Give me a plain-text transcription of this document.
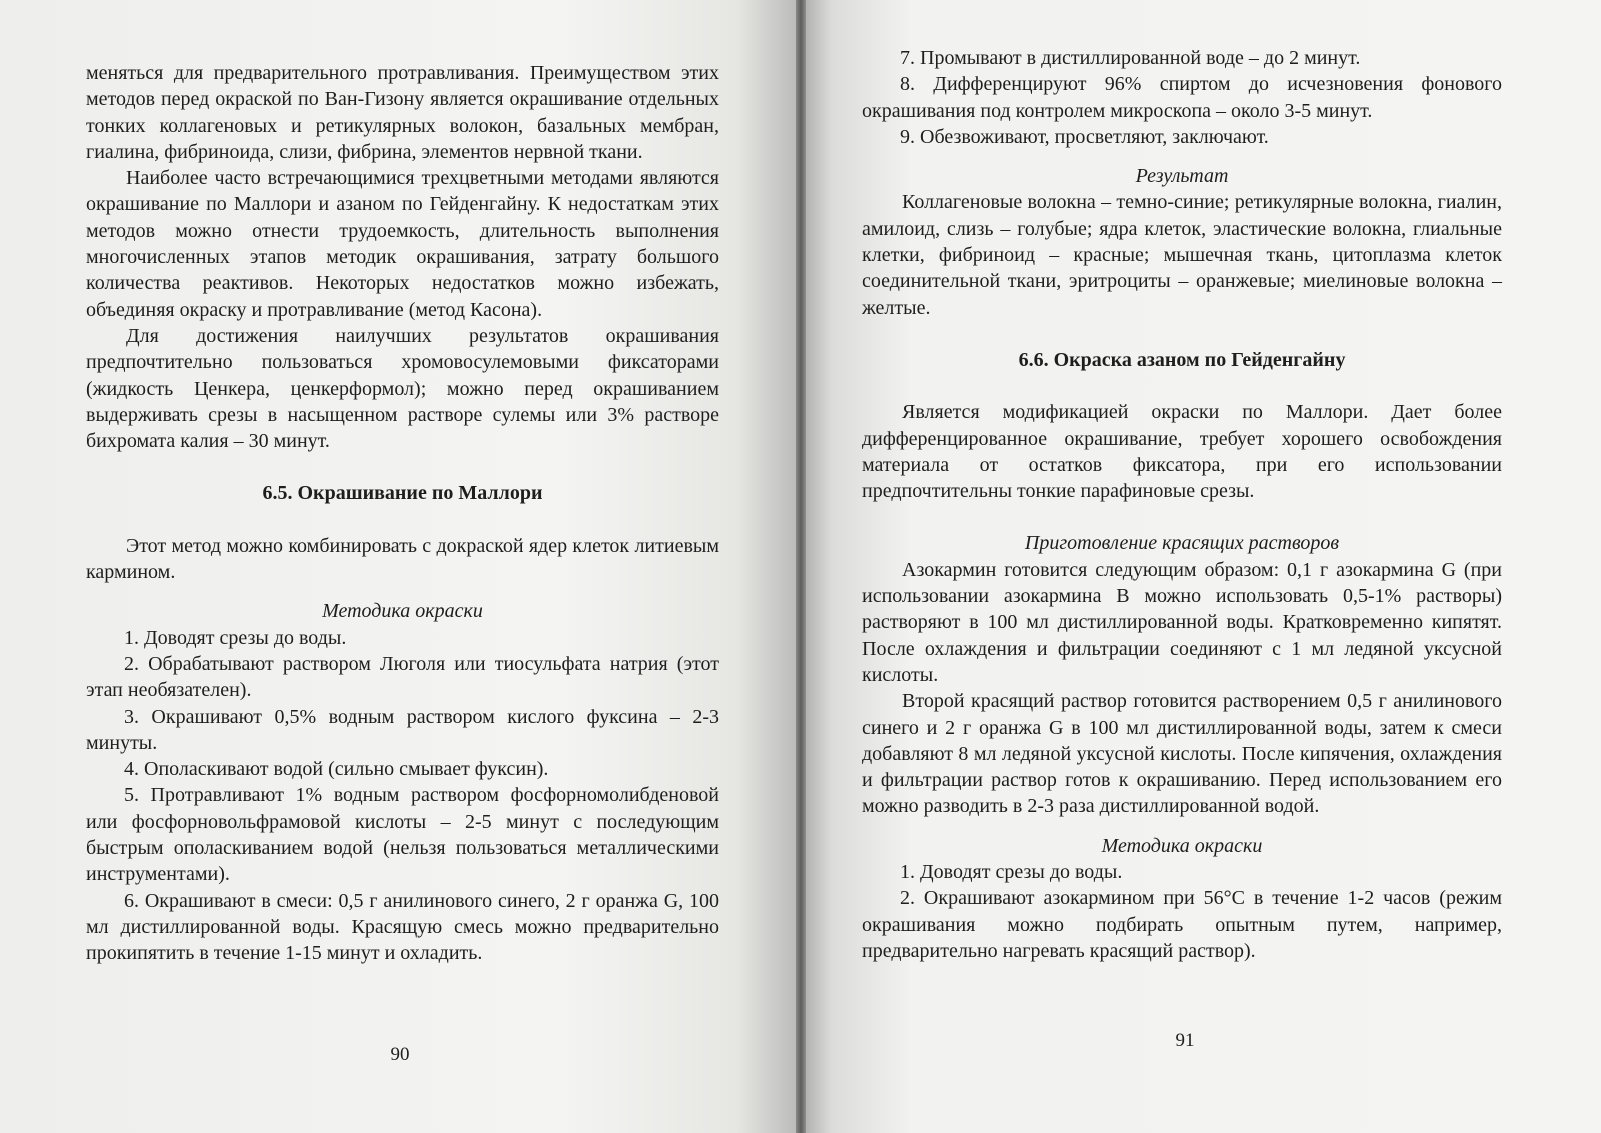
меняться для предварительного протравливания. Преимуществом этих методов перед окраской по Ван-Гизону является окрашивание отдельных тонких коллагеновых и ретикулярных волокон, базальных мембран, гиалина, фибриноида, слизи, фибрина, элементов нервной ткани.

Наиболее часто встречающимися трехцветными методами являются окрашивание по Маллори и азаном по Гейденгайну. К недостаткам этих методов можно отнести трудоемкость, длительность выполнения многочисленных этапов методик окрашивания, затрату большого количества реактивов. Некоторых недостатков можно избежать, объединяя окраску и протравливание (метод Касона).

Для достижения наилучших результатов окрашивания предпочтительно пользоваться хромовосулемовыми фиксаторами (жидкость Ценкера, ценкерформол); можно перед окрашиванием выдерживать срезы в насыщенном растворе сулемы или 3% растворе бихромата калия – 30 минут.

6.5. Окрашивание по Маллори

Этот метод можно комбинировать с докраской ядер клеток литиевым кармином.

Методика окраски

1. Доводят срезы до воды.

2. Обрабатывают раствором Люголя или тиосульфата натрия (этот этап необязателен).

3. Окрашивают 0,5% водным раствором кислого фуксина – 2-3 минуты.

4. Ополаскивают водой (сильно смывает фуксин).

5. Протравливают 1% водным раствором фосфорномолибденовой или фосфорновольфрамовой кислоты – 2-5 минут с последующим быстрым ополаскиванием водой (нельзя пользоваться металлическими инструментами).

6. Окрашивают в смеси: 0,5 г анилинового синего, 2 г оранжа G, 100 мл дистиллированной воды. Красящую смесь можно предварительно прокипятить в течение 1-15 минут и охладить.

90

7. Промывают в дистиллированной воде – до 2 минут.

8. Дифференцируют 96% спиртом до исчезновения фонового окрашивания под контролем микроскопа – около 3-5 минут.

9. Обезвоживают, просветляют, заключают.

Результат

Коллагеновые волокна – темно-синие; ретикулярные волокна, гиалин, амилоид, слизь – голубые; ядра клеток, эластические волокна, глиальные клетки, фибриноид – красные; мышечная ткань, цитоплазма клеток соединительной ткани, эритроциты – оранжевые; миелиновые волокна – желтые.

6.6. Окраска азаном по Гейденгайну

Является модификацией окраски по Маллори. Дает более дифференцированное окрашивание, требует хорошего освобождения материала от остатков фиксатора, при его использовании предпочтительны тонкие парафиновые срезы.

Приготовление красящих растворов

Азокармин готовится следующим образом: 0,1 г азокармина G (при использовании азокармина В можно использовать 0,5-1% растворы) растворяют в 100 мл дистиллированной воды. Кратковременно кипятят. После охлаждения и фильтрации соединяют с 1 мл ледяной уксусной кислоты.

Второй красящий раствор готовится растворением 0,5 г анилинового синего и 2 г оранжа G в 100 мл дистиллированной воды, затем к смеси добавляют 8 мл ледяной уксусной кислоты. После кипячения, охлаждения и фильтрации раствор готов к окрашиванию. Перед использованием его можно разводить в 2-3 раза дистиллированной водой.

Методика окраски

1. Доводят срезы до воды.

2. Окрашивают азокармином при 56°С в течение 1-2 часов (режим окрашивания можно подбирать опытным путем, например, предварительно нагревать красящий раствор).

91
